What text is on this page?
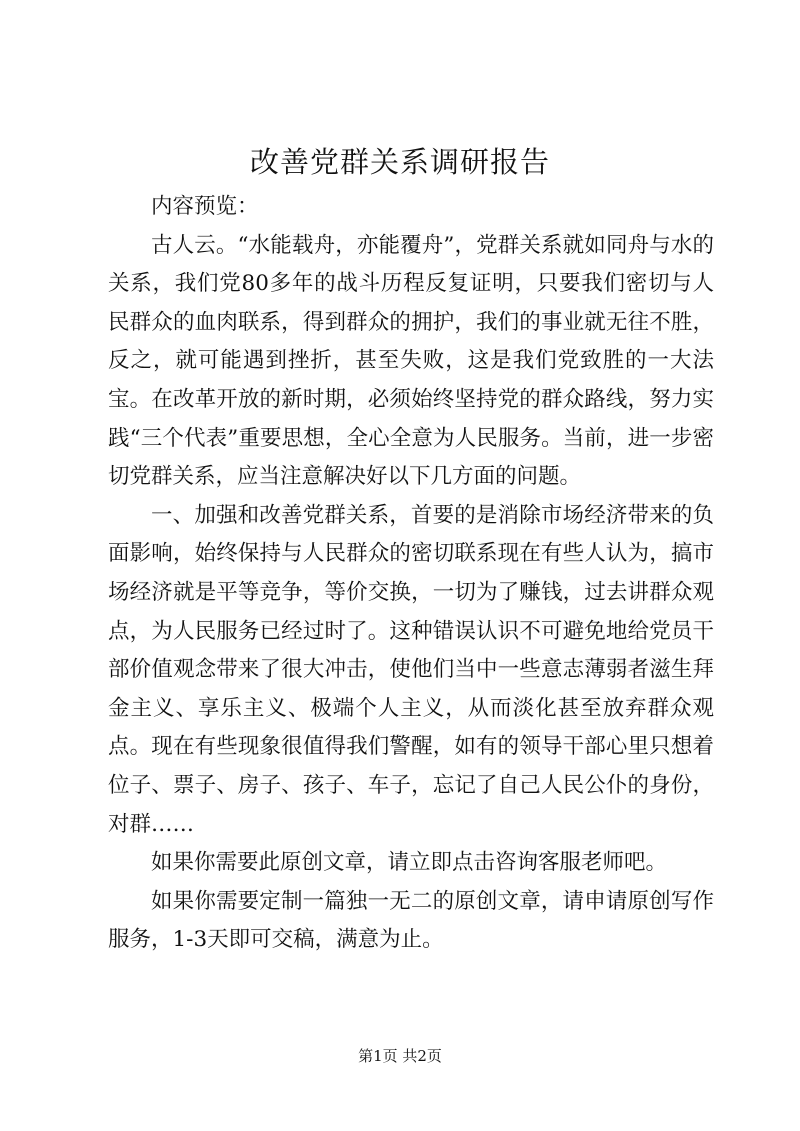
改善党群关系调研报告

内容预览：

古人云。“水能载舟，亦能覆舟”，党群关系就如同舟与水的关系，我们党80多年的战斗历程反复证明，只要我们密切与人民群众的血肉联系，得到群众的拥护，我们的事业就无往不胜，反之，就可能遇到挫折，甚至失败，这是我们党致胜的一大法宝。在改革开放的新时期，必须始终坚持党的群众路线，努力实践“三个代表”重要思想，全心全意为人民服务。当前，进一步密切党群关系，应当注意解决好以下几方面的问题。

一、加强和改善党群关系，首要的是消除市场经济带来的负面影响，始终保持与人民群众的密切联系现在有些人认为，搞市场经济就是平等竞争，等价交换，一切为了赚钱，过去讲群众观点，为人民服务已经过时了。这种错误认识不可避免地给党员干部价值观念带来了很大冲击，使他们当中一些意志薄弱者滋生拜金主义、享乐主义、极端个人主义，从而淡化甚至放弃群众观点。现在有些现象很值得我们警醒，如有的领导干部心里只想着位子、票子、房子、孩子、车子，忘记了自己人民公仆的身份，对群……

如果你需要此原创文章，请立即点击咨询客服老师吧。

如果你需要定制一篇独一无二的原创文章，请申请原创写作服务，1-3天即可交稿，满意为止。

第1页 共2页
